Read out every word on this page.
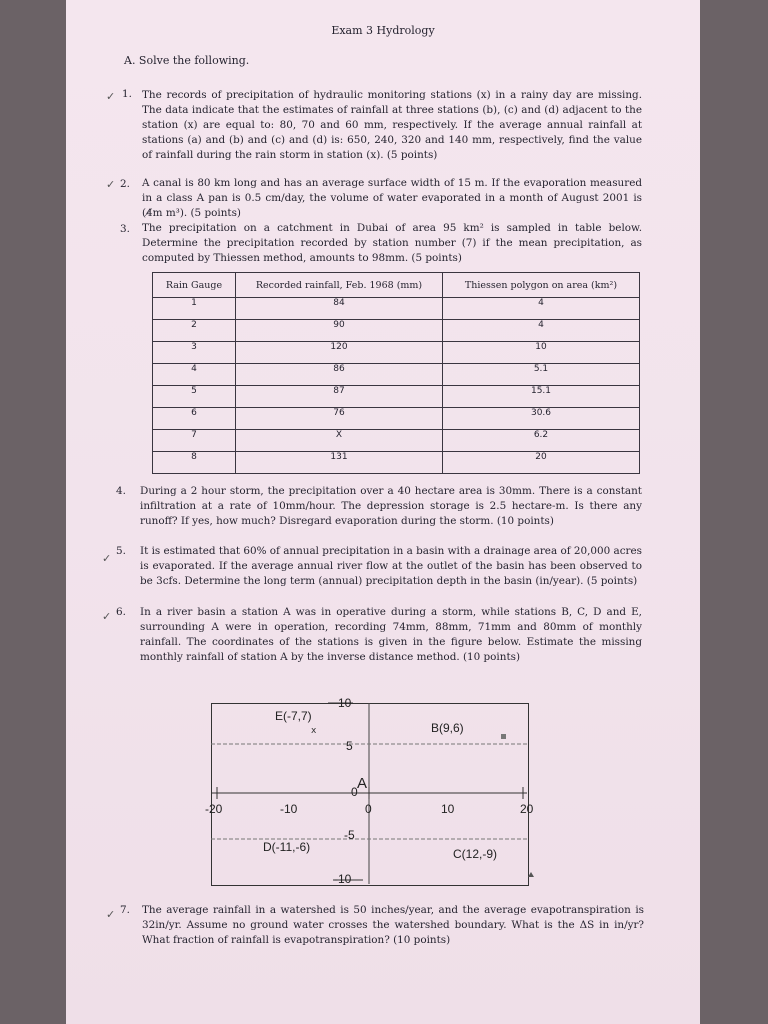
Exam 3 Hydrology
A. Solve the following.
✓ 1. The records of precipitation of hydraulic monitoring stations (x) in a rainy day are missing. The data indicate that the estimates of rainfall at three stations (b), (c) and (d) adjacent to the station (x) are equal to: 80, 70 and 60 mm, respectively. If the average annual rainfall at stations (a) and (b) and (c) and (d) is: 650, 240, 320 and 140 mm, respectively, find the value of rainfall during the rain storm in station (x). (5 points)
✓ 2. A canal is 80 km long and has an average surface width of 15 m. If the evaporation measured in a class A pan is 0.5 cm/day, the volume of water evaporated in a month of August 2001 is (4̸m m³). (5 points)
3. The precipitation on a catchment in Dubai of area 95 km² is sampled in table below. Determine the precipitation recorded by station number (7) if the mean precipitation, as computed by Thiessen method, amounts to 98mm. (5 points)
Rain Gauge	Recorded rainfall, Feb. 1968 (mm)	Thiessen polygon on area (km²)
1	84	4
2	90	4
3	120	10
4	86	5.1
5	87	15.1
6	76	30.6
7	X	6.2
8	131	20
4. During a 2 hour storm, the precipitation over a 40 hectare area is 30mm. There is a constant infiltration at a rate of 10mm/hour. The depression storage is 2.5 hectare-m. Is there any runoff? If yes, how much? Disregard evaporation during the storm. (10 points)
✓
5. It is estimated that 60% of annual precipitation in a basin with a drainage area of 20,000 acres is evaporated. If the average annual river flow at the outlet of the basin has been observed to be 3cfs. Determine the long term (annual) precipitation depth in the basin (in/year). (5 points)
✓ 6. In a river basin a station A was in operative during a storm, while stations B, C, D and E, surrounding A were in operation, recording 74mm, 88mm, 71mm and 80mm of monthly rainfall. The coordinates of the stations is given in the figure below. Estimate the missing monthly rainfall of station A by the inverse distance method. (10 points)
x
10
5
0
-5
-10
-20	-10	0	10	20
E(-7,7)
B(9,6)
A
D(-11,-6)	C(12,-9)
✓ 7. The average rainfall in a watershed is 50 inches/year, and the average evapotranspiration is 32in/yr. Assume no ground water crosses the watershed boundary. What is the ΔS in in/yr? What fraction of rainfall is evapotranspiration? (10 points)
